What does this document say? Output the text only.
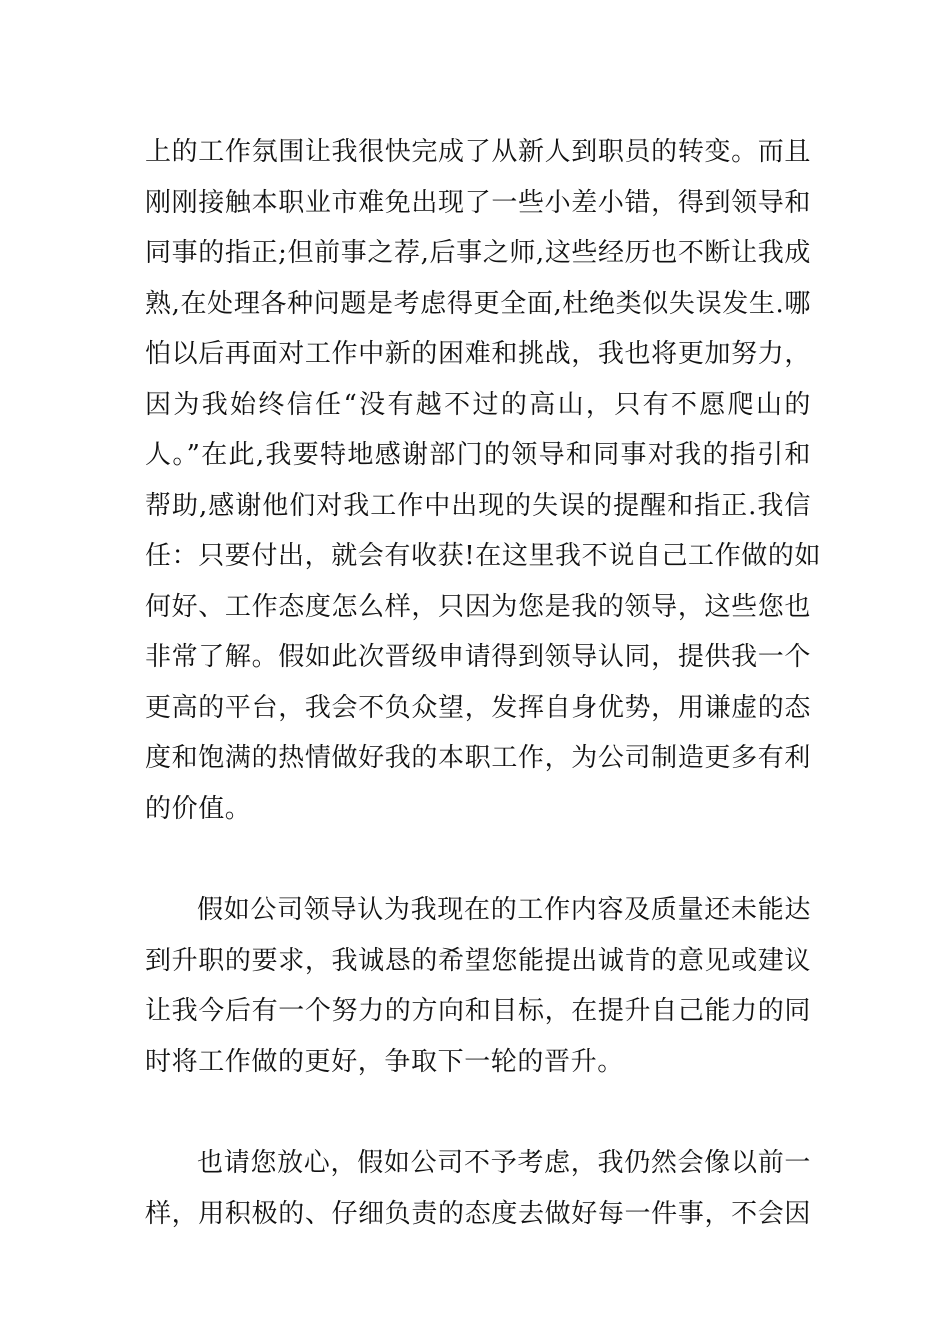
上的工作氛围让我很快完成了从新人到职员的转变。而且
刚刚接触本职业市难免出现了一些小差小错，得到领导和
同事的指正;但前事之荐,后事之师,这些经历也不断让我成
熟,在处理各种问题是考虑得更全面,杜绝类似失误发生.哪
怕以后再面对工作中新的困难和挑战，我也将更加努力，
因为我始终信任“没有越不过的高山，只有不愿爬山的
人。”在此,我要特地感谢部门的领导和同事对我的指引和
帮助,感谢他们对我工作中出现的失误的提醒和指正.我信
任：只要付出，就会有收获!在这里我不说自己工作做的如
何好、工作态度怎么样，只因为您是我的领导，这些您也
非常了解。假如此次晋级申请得到领导认同，提供我一个
更高的平台，我会不负众望，发挥自身优势，用谦虚的态
度和饱满的热情做好我的本职工作，为公司制造更多有利
的价值。

假如公司领导认为我现在的工作内容及质量还未能达
到升职的要求，我诚恳的希望您能提出诚肯的意见或建议
让我今后有一个努力的方向和目标，在提升自己能力的同
时将工作做的更好，争取下一轮的晋升。

也请您放心，假如公司不予考虑，我仍然会像以前一
样，用积极的、仔细负责的态度去做好每一件事，不会因
